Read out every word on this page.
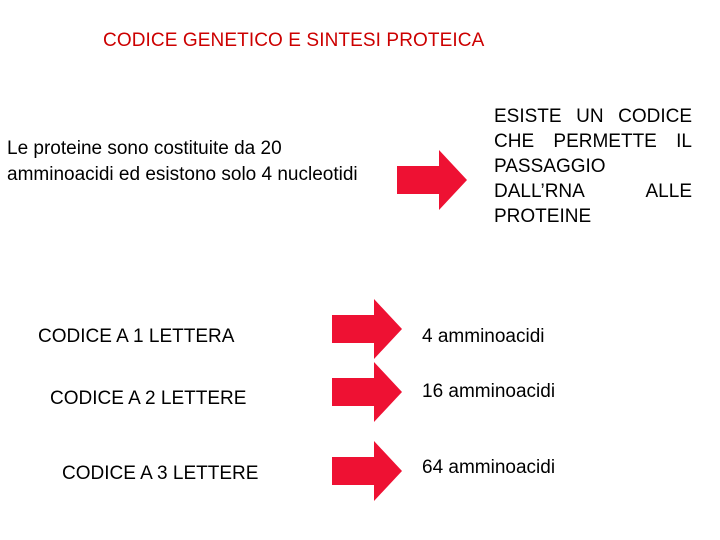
CODICE GENETICO E SINTESI PROTEICA
Le proteine sono costituite da 20 amminoacidi ed esistono solo 4 nucleotidi
ESISTE UN CODICE CHE PERMETTE IL PASSAGGIO DALL’RNA ALLE PROTEINE
CODICE A 1 LETTERA	4 amminoacidi
CODICE A 2 LETTERE	16 amminoacidi
CODICE A 3 LETTERE	64 amminoacidi
